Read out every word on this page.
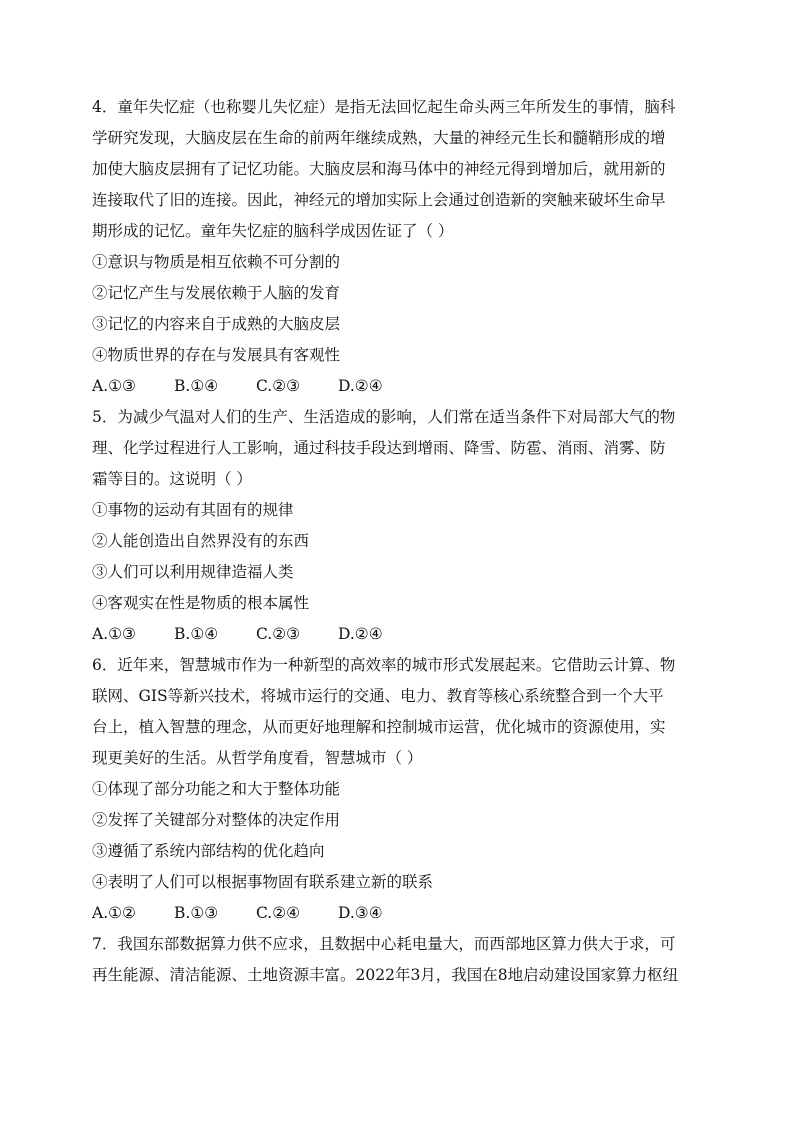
4．童年失忆症（也称婴儿失忆症）是指无法回忆起生命头两三年所发生的事情，脑科
学研究发现，大脑皮层在生命的前两年继续成熟，大量的神经元生长和髓鞘形成的增
加使大脑皮层拥有了记忆功能。大脑皮层和海马体中的神经元得到增加后，就用新的
连接取代了旧的连接。因此，神经元的增加实际上会通过创造新的突触来破坏生命早
期形成的记忆。童年失忆症的脑科学成因佐证了（ ）
①意识与物质是相互依赖不可分割的
②记忆产生与发展依赖于人脑的发育
③记忆的内容来自于成熟的大脑皮层
④物质世界的存在与发展具有客观性
A.①③	B.①④	C.②③	D.②④
5．为减少气温对人们的生产、生活造成的影响，人们常在适当条件下对局部大气的物
理、化学过程进行人工影响，通过科技手段达到增雨、降雪、防雹、消雨、消雾、防
霜等目的。这说明（ ）
①事物的运动有其固有的规律
②人能创造出自然界没有的东西
③人们可以利用规律造福人类
④客观实在性是物质的根本属性
A.①③	B.①④	C.②③	D.②④
6．近年来，智慧城市作为一种新型的高效率的城市形式发展起来。它借助云计算、物
联网、GIS等新兴技术，将城市运行的交通、电力、教育等核心系统整合到一个大平
台上，植入智慧的理念，从而更好地理解和控制城市运营，优化城市的资源使用，实
现更美好的生活。从哲学角度看，智慧城市（ ）
①体现了部分功能之和大于整体功能
②发挥了关键部分对整体的决定作用
③遵循了系统内部结构的优化趋向
④表明了人们可以根据事物固有联系建立新的联系
A.①②	B.①③	C.②④	D.③④
7．我国东部数据算力供不应求，且数据中心耗电量大，而西部地区算力供大于求，可
再生能源、清洁能源、土地资源丰富。2022年3月，我国在8地启动建设国家算力枢纽
